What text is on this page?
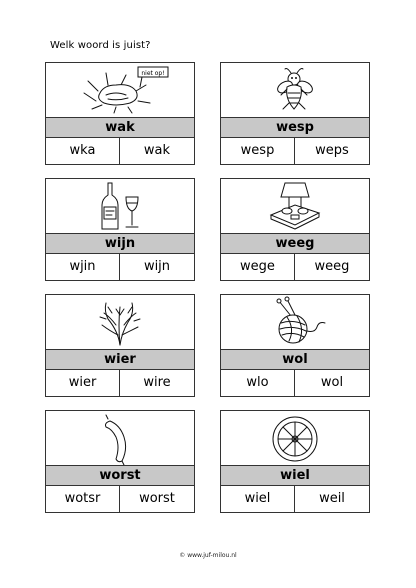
Welk woord is juist?
niet op!
wak
wka	wak
wesp
wesp	weps
wijn
wjin	wijn
weeg
wege	weeg
wier
wier	wire
wol
wlo	wol
worst
wotsr	worst
wiel
wiel	weil
© www.juf-milou.nl
